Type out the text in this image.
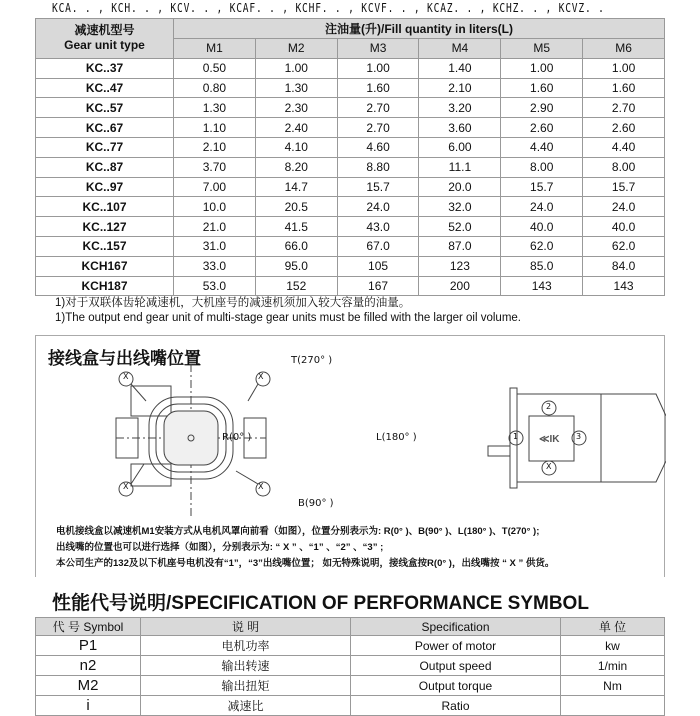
KCA. . , KCH. . , KCV. . , KCAF. . , KCHF. . , KCVF. . , KCAZ. . , KCHZ. . , KCVZ. .
减速机型号
Gear unit type	注油量(升)/Fill quantity in liters(L)					
	M1	M2	M3	M4	M5	M6
KC..37	0.50	1.00	1.00	1.40	1.00	1.00
KC..47	0.80	1.30	1.60	2.10	1.60	1.60
KC..57	1.30	2.30	2.70	3.20	2.90	2.70
KC..67	1.10	2.40	2.70	3.60	2.60	2.60
KC..77	2.10	4.10	4.60	6.00	4.40	4.40
KC..87	3.70	8.20	8.80	11.1	8.00	8.00
KC..97	7.00	14.7	15.7	20.0	15.7	15.7
KC..107	10.0	20.5	24.0	32.0	24.0	24.0
KC..127	21.0	41.5	43.0	52.0	40.0	40.0
KC..157	31.0	66.0	67.0	87.0	62.0	62.0
KCH167	33.0	95.0	105	123	85.0	84.0
KCH187	53.0	152	167	200	143	143
1)对于双联体齿轮减速机，大机座号的减速机须加入较大容量的油量。
1)The output end gear unit of multi-stage gear units must be filled with the larger oil volume.
接线盒与出线嘴位置
≪IK
T(270° )
R(0° )	L(180° )
B(90° )
X
X
X
X
1
2
3
X
电机接线盒以减速机M1安装方式从电机风罩向前看（如图），位置分别表示为: R(0° )、B(90° )、L(180° )、T(270° );
出线嘴的位置也可以进行选择（如图），分别表示为: “ X ” 、“1” 、“2” 、“3” ;
本公司生产的132及以下机座号电机没有“1”，“3”出线嘴位置； 如无特殊说明，接线盒按R(0° )，出线嘴按 “ X ” 供货。
性能代号说明/SPECIFICATION OF PERFORMANCE SYMBOL
代 号 Symbol	说 明	Specification	单 位
P1	电机功率	Power of motor	kw
n2	输出转速	Output speed	1/min
M2	输出扭矩	Output torque	Nm
i	减速比	Ratio	
